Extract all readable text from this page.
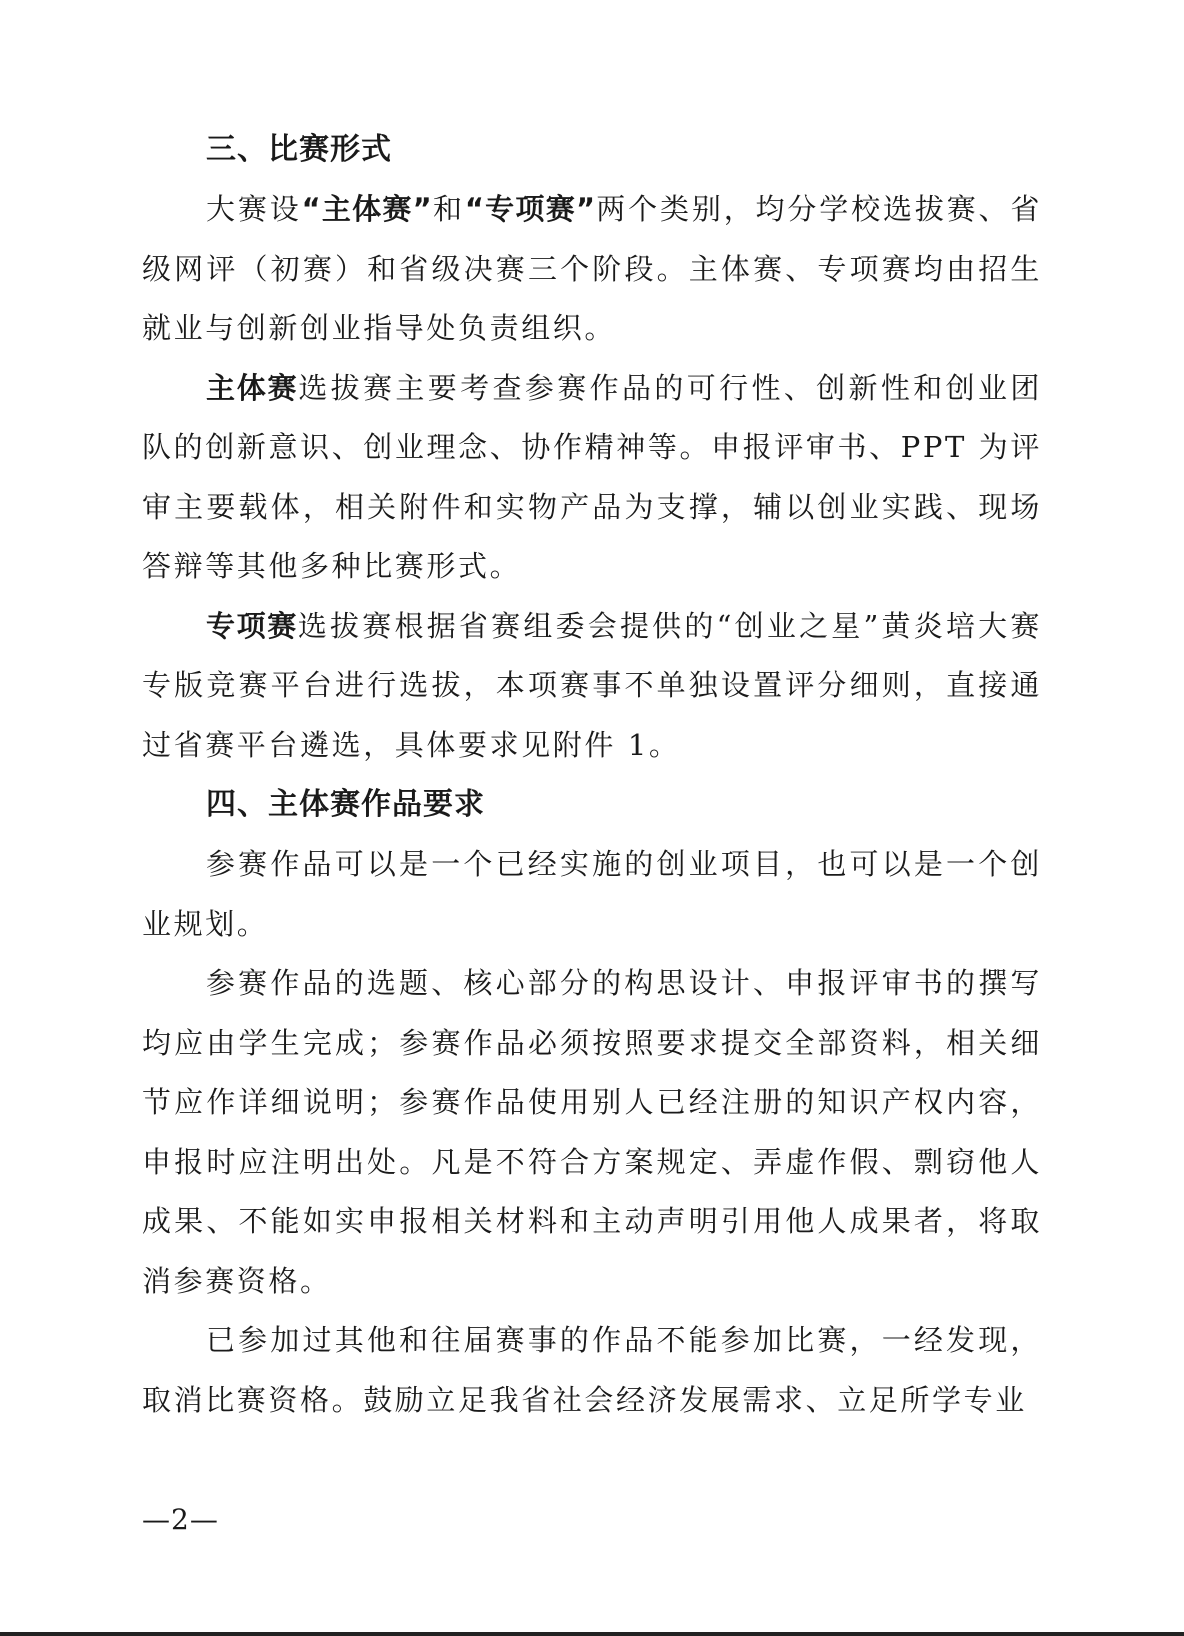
三、比赛形式

大赛设“主体赛”和“专项赛”两个类别，均分学校选拔赛、省级网评（初赛）和省级决赛三个阶段。主体赛、专项赛均由招生就业与创新创业指导处负责组织。

主体赛选拔赛主要考查参赛作品的可行性、创新性和创业团队的创新意识、创业理念、协作精神等。申报评审书、PPT 为评审主要载体，相关附件和实物产品为支撑，辅以创业实践、现场答辩等其他多种比赛形式。

专项赛选拔赛根据省赛组委会提供的“创业之星”黄炎培大赛专版竞赛平台进行选拔，本项赛事不单独设置评分细则，直接通过省赛平台遴选，具体要求见附件 1。

四、主体赛作品要求

参赛作品可以是一个已经实施的创业项目，也可以是一个创业规划。

参赛作品的选题、核心部分的构思设计、申报评审书的撰写均应由学生完成；参赛作品必须按照要求提交全部资料，相关细节应作详细说明；参赛作品使用别人已经注册的知识产权内容，申报时应注明出处。凡是不符合方案规定、弄虚作假、剽窃他人成果、不能如实申报相关材料和主动声明引用他人成果者，将取消参赛资格。

已参加过其他和往届赛事的作品不能参加比赛，一经发现，取消比赛资格。鼓励立足我省社会经济发展需求、立足所学专业

—2—
